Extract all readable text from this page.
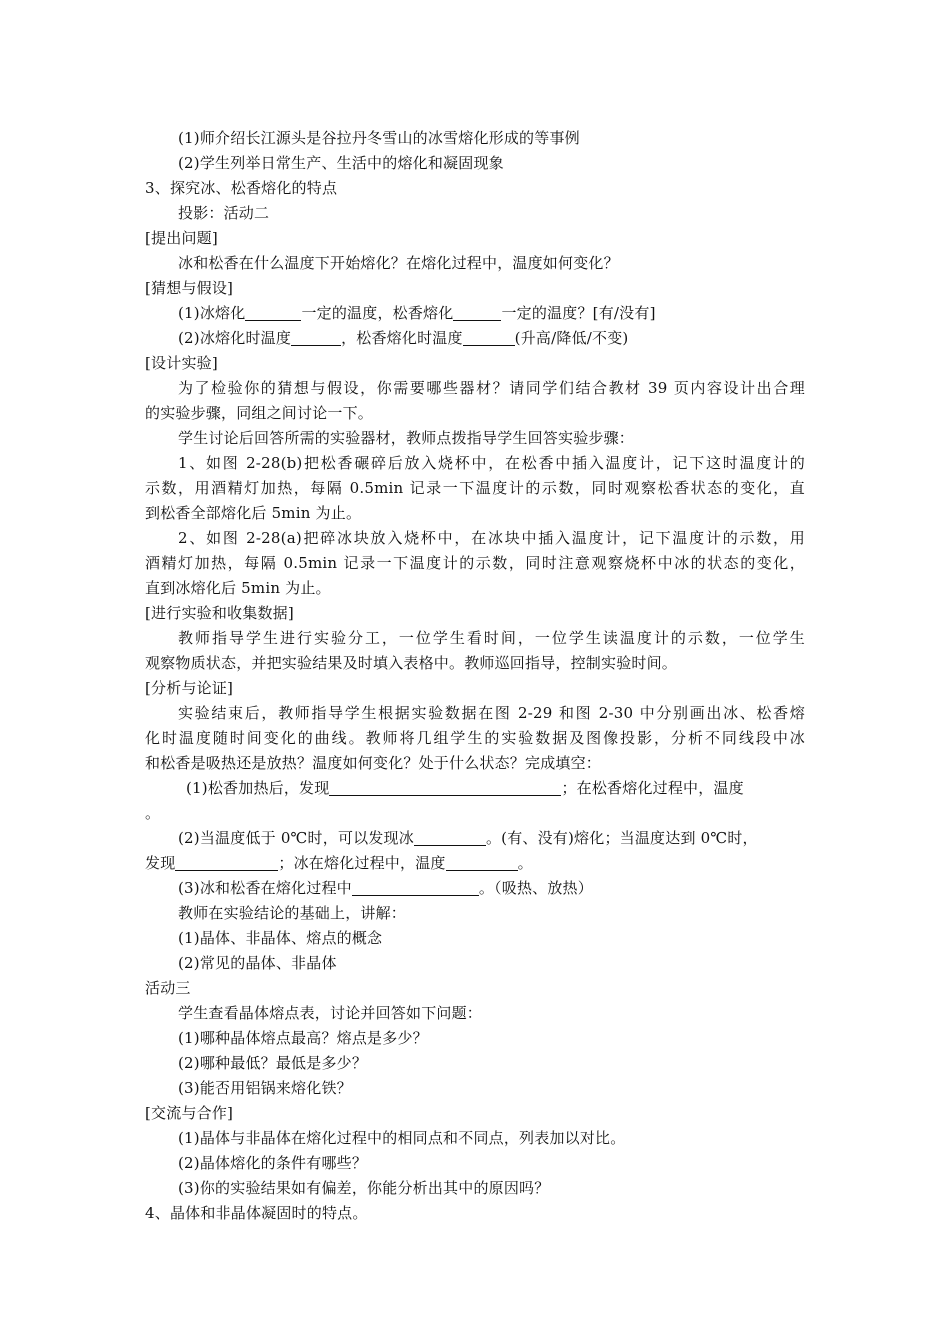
(1)师介绍长江源头是谷拉丹冬雪山的冰雪熔化形成的等事例
(2)学生列举日常生产、生活中的熔化和凝固现象
3、探究冰、松香熔化的特点
投影：活动二
[提出问题]
冰和松香在什么温度下开始熔化？在熔化过程中，温度如何变化？
[猜想与假设]
(1)冰熔化	一定的温度，松香熔化	一定的温度？[有/没有]
(2)冰熔化时温度	，松香熔化时温度	(升高/降低/不变)
[设计实验]
为了检验你的猜想与假设，你需要哪些器材？请同学们结合教材 39 页内容设计出合理
的实验步骤，同组之间讨论一下。
学生讨论后回答所需的实验器材，教师点拨指导学生回答实验步骤：
1、如图 2-28(b)把松香碾碎后放入烧杯中，在松香中插入温度计，记下这时温度计的
示数，用酒精灯加热，每隔 0.5min 记录一下温度计的示数，同时观察松香状态的变化，直
到松香全部熔化后 5min 为止。
2、如图 2-28(a)把碎冰块放入烧杯中，在冰块中插入温度计，记下温度计的示数，用
酒精灯加热，每隔 0.5min 记录一下温度计的示数，同时注意观察烧杯中冰的状态的变化，
直到冰熔化后 5min 为止。
[进行实验和收集数据]
教师指导学生进行实验分工，一位学生看时间，一位学生读温度计的示数，一位学生
观察物质状态，并把实验结果及时填入表格中。教师巡回指导，控制实验时间。
[分析与论证]
实验结束后，教师指导学生根据实验数据在图 2-29 和图 2-30 中分别画出冰、松香熔
化时温度随时间变化的曲线。教师将几组学生的实验数据及图像投影，分析不同线段中冰
和松香是吸热还是放热？温度如何变化？处于什么状态？完成填空：
(1)松香加热后，发现	；在松香熔化过程中，温度
。
(2)当温度低于 0℃时，可以发现冰	。(有、没有)熔化；当温度达到 0℃时，
发现	；冰在熔化过程中，温度	。
(3)冰和松香在熔化过程中	。（吸热、放热）
教师在实验结论的基础上，讲解：
(1)晶体、非晶体、熔点的概念
(2)常见的晶体、非晶体
活动三
学生查看晶体熔点表，讨论并回答如下问题：
(1)哪种晶体熔点最高？熔点是多少？
(2)哪种最低？最低是多少？
(3)能否用铝锅来熔化铁？
[交流与合作]
(1)晶体与非晶体在熔化过程中的相同点和不同点，列表加以对比。
(2)晶体熔化的条件有哪些？
(3)你的实验结果如有偏差，你能分析出其中的原因吗？
4、晶体和非晶体凝固时的特点。
